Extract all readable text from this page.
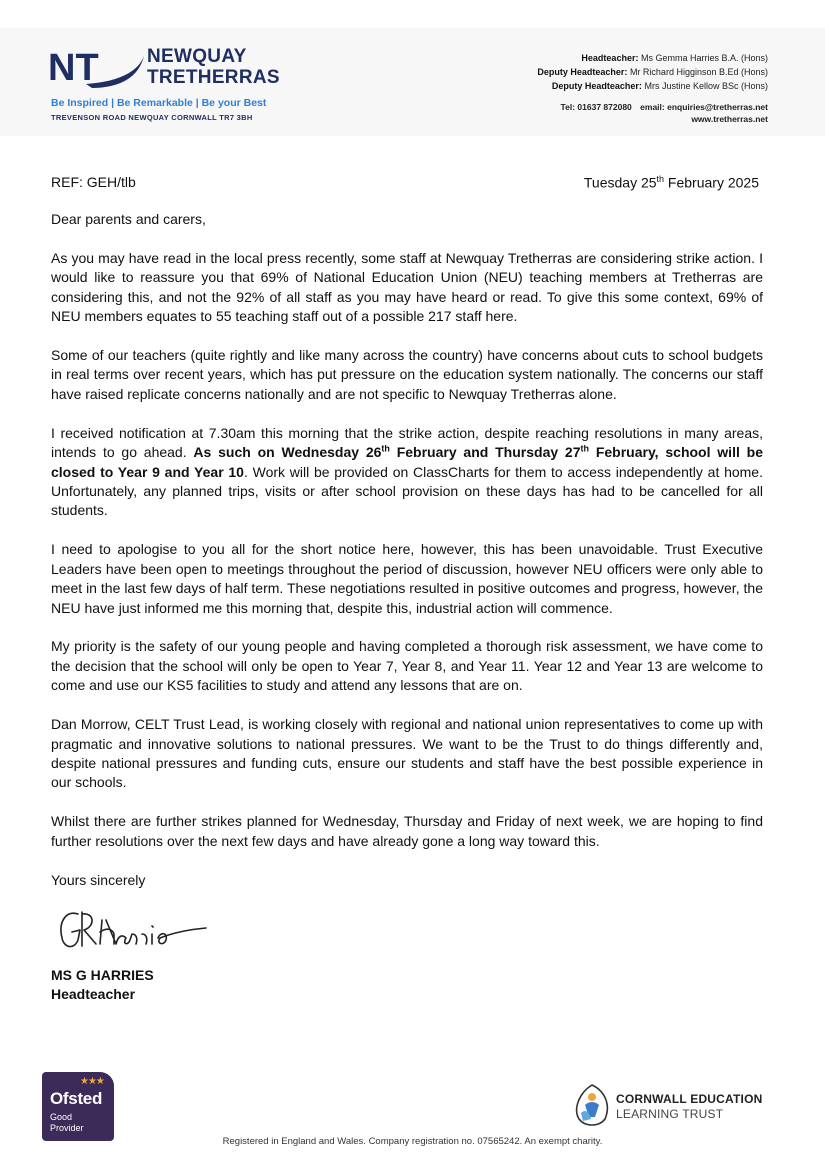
NT	NEWQUAY
TRETHERRAS
Be Inspired | Be Remarkable | Be your Best
TREVENSON ROAD NEWQUAY CORNWALL TR7 3BH
Headteacher: Ms Gemma Harries B.A. (Hons)
Deputy Headteacher: Mr Richard Higginson B.Ed (Hons)
Deputy Headteacher: Mrs Justine Kellow BSc (Hons)
Tel: 01637 872080 email: enquiries@tretherras.net
www.tretherras.net
REF: GEH/tlb	Tuesday 25th February 2025

Dear parents and carers,

As you may have read in the local press recently, some staff at Newquay Tretherras are considering strike action. I would like to reassure you that 69% of National Education Union (NEU) teaching members at Tretherras are considering this, and not the 92% of all staff as you may have heard or read. To give this some context, 69% of NEU members equates to 55 teaching staff out of a possible 217 staff here.

Some of our teachers (quite rightly and like many across the country) have concerns about cuts to school budgets in real terms over recent years, which has put pressure on the education system nationally. The concerns our staff have raised replicate concerns nationally and are not specific to Newquay Tretherras alone.

I received notification at 7.30am this morning that the strike action, despite reaching resolutions in many areas, intends to go ahead. As such on Wednesday 26th February and Thursday 27th February, school will be closed to Year 9 and Year 10. Work will be provided on ClassCharts for them to access independently at home. Unfortunately, any planned trips, visits or after school provision on these days has had to be cancelled for all students.

I need to apologise to you all for the short notice here, however, this has been unavoidable. Trust Executive Leaders have been open to meetings throughout the period of discussion, however NEU officers were only able to meet in the last few days of half term. These negotiations resulted in positive outcomes and progress, however, the NEU have just informed me this morning that, despite this, industrial action will commence.

My priority is the safety of our young people and having completed a thorough risk assessment, we have come to the decision that the school will only be open to Year 7, Year 8, and Year 11. Year 12 and Year 13 are welcome to come and use our KS5 facilities to study and attend any lessons that are on.

Dan Morrow, CELT Trust Lead, is working closely with regional and national union representatives to come up with pragmatic and innovative solutions to national pressures. We want to be the Trust to do things differently and, despite national pressures and funding cuts, ensure our students and staff have the best possible experience in our schools.

Whilst there are further strikes planned for Wednesday, Thursday and Friday of next week, we are hoping to find further resolutions over the next few days and have already gone a long way toward this.

Yours sincerely

MS G HARRIES
Headteacher
★★★
Ofsted
Good
Provider
CORNWALL EDUCATION
LEARNING TRUST
Registered in England and Wales. Company registration no. 07565242. An exempt charity.
